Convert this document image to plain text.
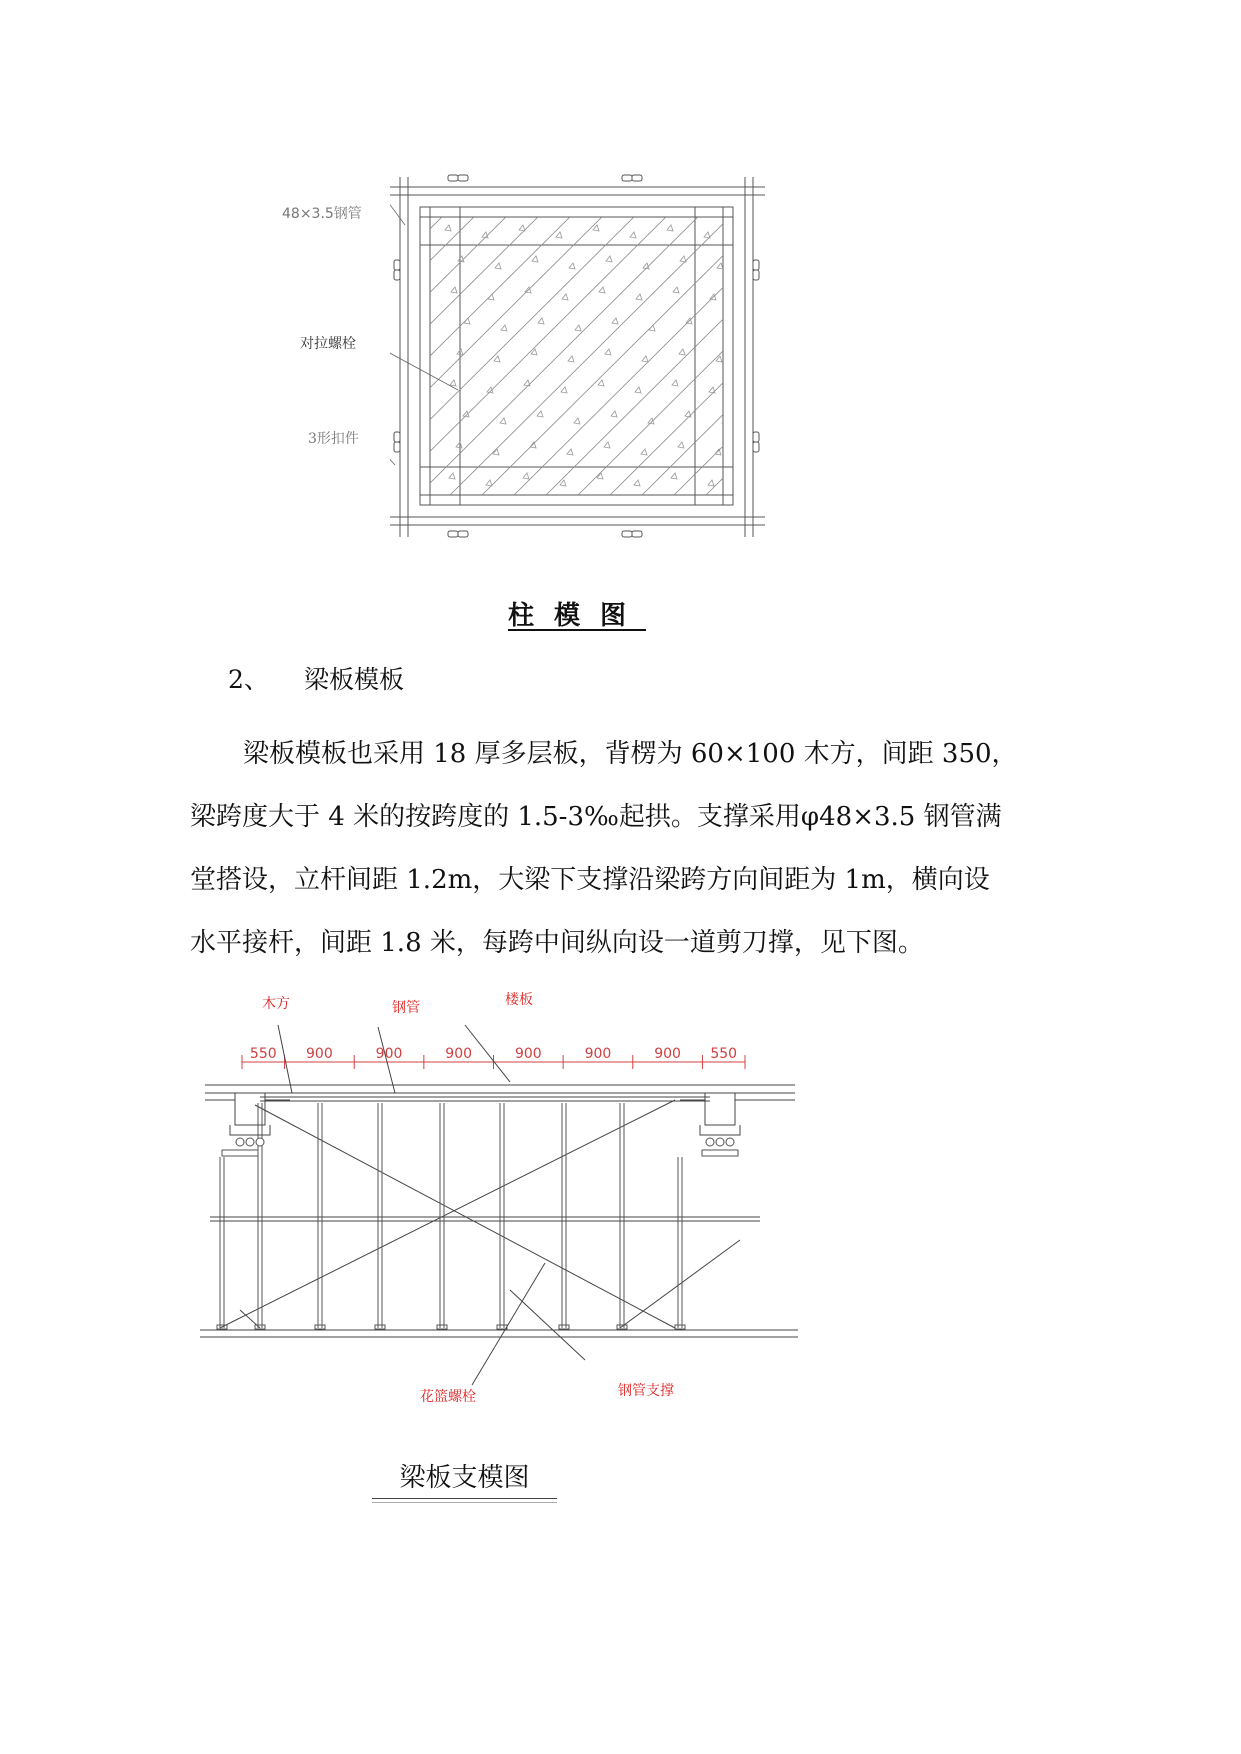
48×3.5钢管
对拉螺栓
3形扣件
柱模图
2、 梁板模板
梁板模板也采用 18 厚多层板，背楞为 60×100 木方，间距 350，
梁跨度大于 4 米的按跨度的 1.5-3‰起拱。支撑采用φ48×3.5 钢管满
堂搭设，立杆间距 1.2m，大梁下支撑沿梁跨方向间距为 1m，横向设
水平接杆，间距 1.8 米，每跨中间纵向设一道剪刀撑，见下图。
550 900	900	900	900	900	900 550
木方	钢管	楼板
花篮螺栓	钢管支撑
梁板支模图
